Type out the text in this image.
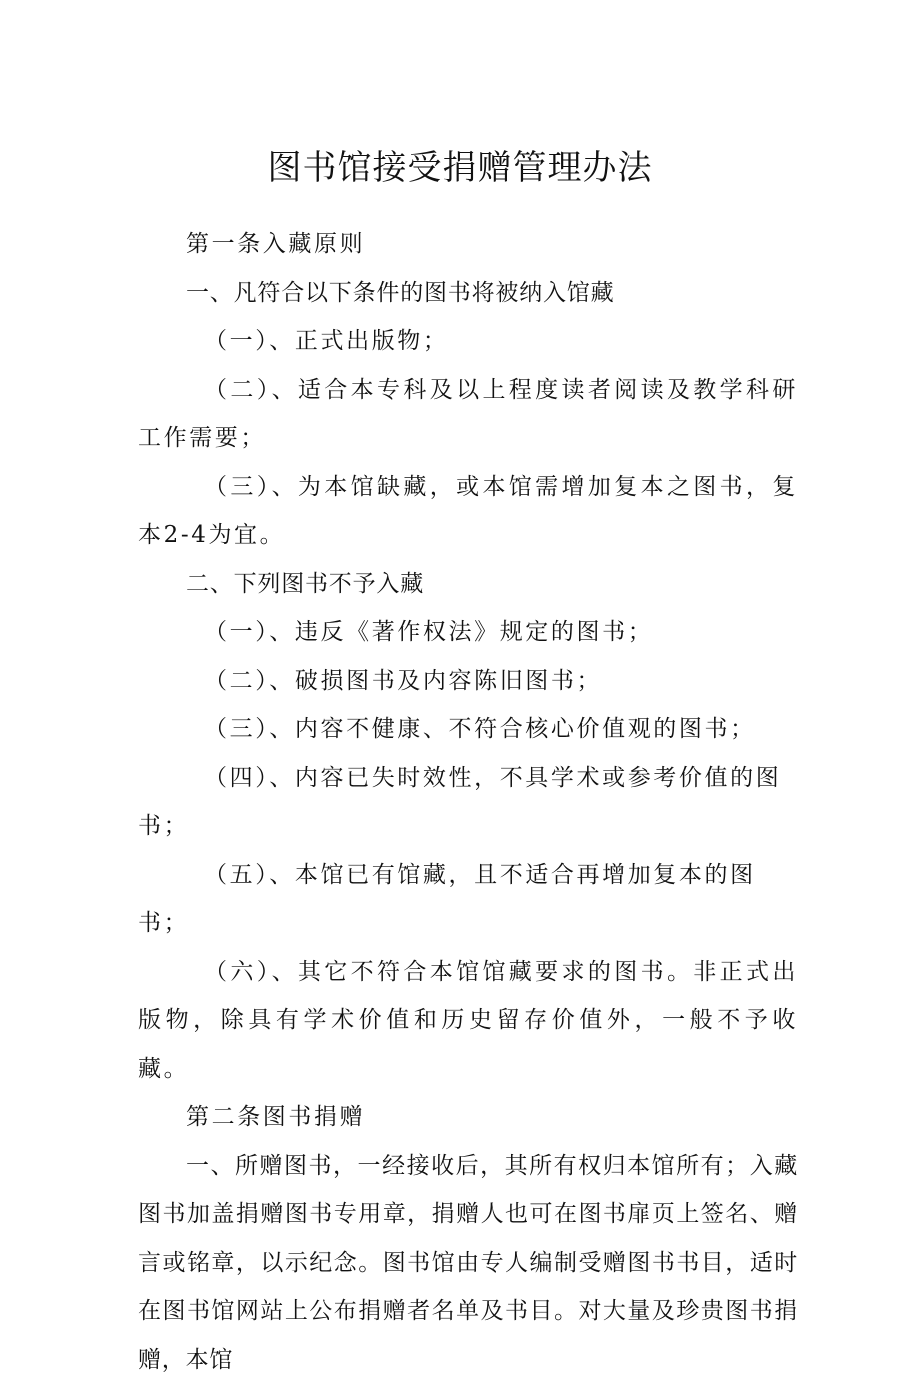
图书馆接受捐赠管理办法

第一条入藏原则

一、凡符合以下条件的图书将被纳入馆藏

（一）、正式出版物；

（二）、适合本专科及以上程度读者阅读及教学科研工作需要；

（三）、为本馆缺藏，或本馆需增加复本之图书，复本2-4为宜。

二、下列图书不予入藏

（一）、违反《著作权法》规定的图书；

（二）、破损图书及内容陈旧图书；

（三）、内容不健康、不符合核心价值观的图书；

（四）、内容已失时效性，不具学术或参考价值的图书；

（五）、本馆已有馆藏，且不适合再增加复本的图书；

（六）、其它不符合本馆馆藏要求的图书。非正式出版物，除具有学术价值和历史留存价值外，一般不予收藏。

第二条图书捐赠

一、所赠图书，一经接收后，其所有权归本馆所有；入藏图书加盖捐赠图书专用章，捐赠人也可在图书扉页上签名、赠言或铭章，以示纪念。图书馆由专人编制受赠图书书目，适时在图书馆网站上公布捐赠者名单及书目。对大量及珍贵图书捐赠，本馆
